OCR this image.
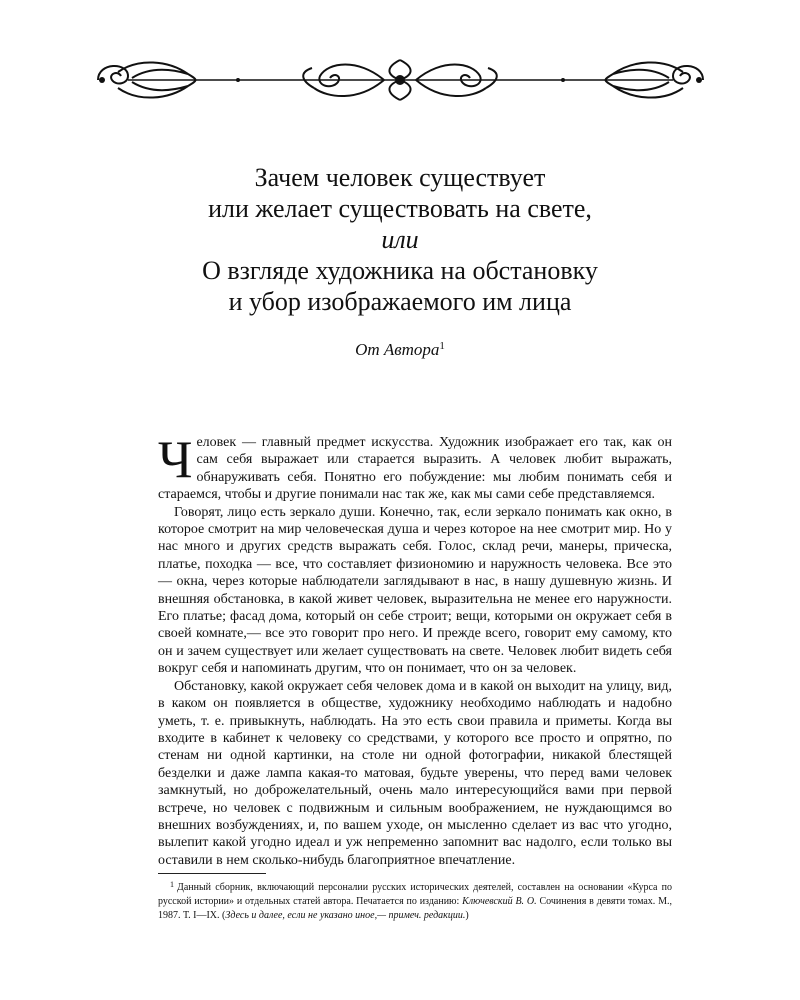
Зачем человек существует
или желает существовать на свете,
или
О взгляде художника на обстановку
и убор изображаемого им лица
От Автора$^1$

Человек — главный предмет искусства. Художник изображает его так, как он сам себя выражает или старается выразить. А человек любит выражать, обнаруживать себя. Понятно его побуждение: мы любим понимать себя и стараемся, чтобы и другие понимали нас так же, как мы сами себе представляемся.

Говорят, лицо есть зеркало души. Конечно, так, если зеркало понимать как окно, в которое смотрит на мир человеческая душа и через которое на нее смотрит мир. Но у нас много и других средств выражать себя. Голос, склад речи, манеры, прическа, платье, походка — все, что составляет физиономию и наружность человека. Все это — окна, через которые наблюдатели заглядывают в нас, в нашу душевную жизнь. И внешняя обстановка, в какой живет человек, выразительна не менее его наружности. Его платье; фасад дома, который он себе строит; вещи, которыми он окружает себя в своей комнате,— все это говорит про него. И прежде всего, говорит ему самому, кто он и зачем существует или желает существовать на свете. Человек любит видеть себя вокруг себя и напоминать другим, что он понимает, что он за человек.

Обстановку, какой окружает себя человек дома и в какой он выходит на улицу, вид, в каком он появляется в обществе, художнику необходимо наблюдать и надобно уметь, т. е. привыкнуть, наблюдать. На это есть свои правила и приметы. Когда вы входите в кабинет к человеку со средствами, у которого все просто и опрятно, по стенам ни одной картинки, на столе ни одной фотографии, никакой блестящей безделки и даже лампа какая-то матовая, будьте уверены, что перед вами человек замкнутый, но доброжелательный, очень мало интересующийся вами при первой встрече, но человек с подвижным и сильным воображением, не нуждающимся во внешних возбуждениях, и, по вашем уходе, он мысленно сделает из вас что угодно, вылепит какой угодно идеал и уж непременно запомнит вас надолго, если только вы оставили в нем сколько-нибудь благоприятное впечатление.

1 Данный сборник, включающий персоналии русских исторических деятелей, составлен на основании «Курса по русской истории» и отдельных статей автора. Печатается по изданию: Ключевский В. О. Сочинения в девяти томах. М., 1987. Т. I—IX. (Здесь и далее, если не указано иное,— примеч. редакции.)
